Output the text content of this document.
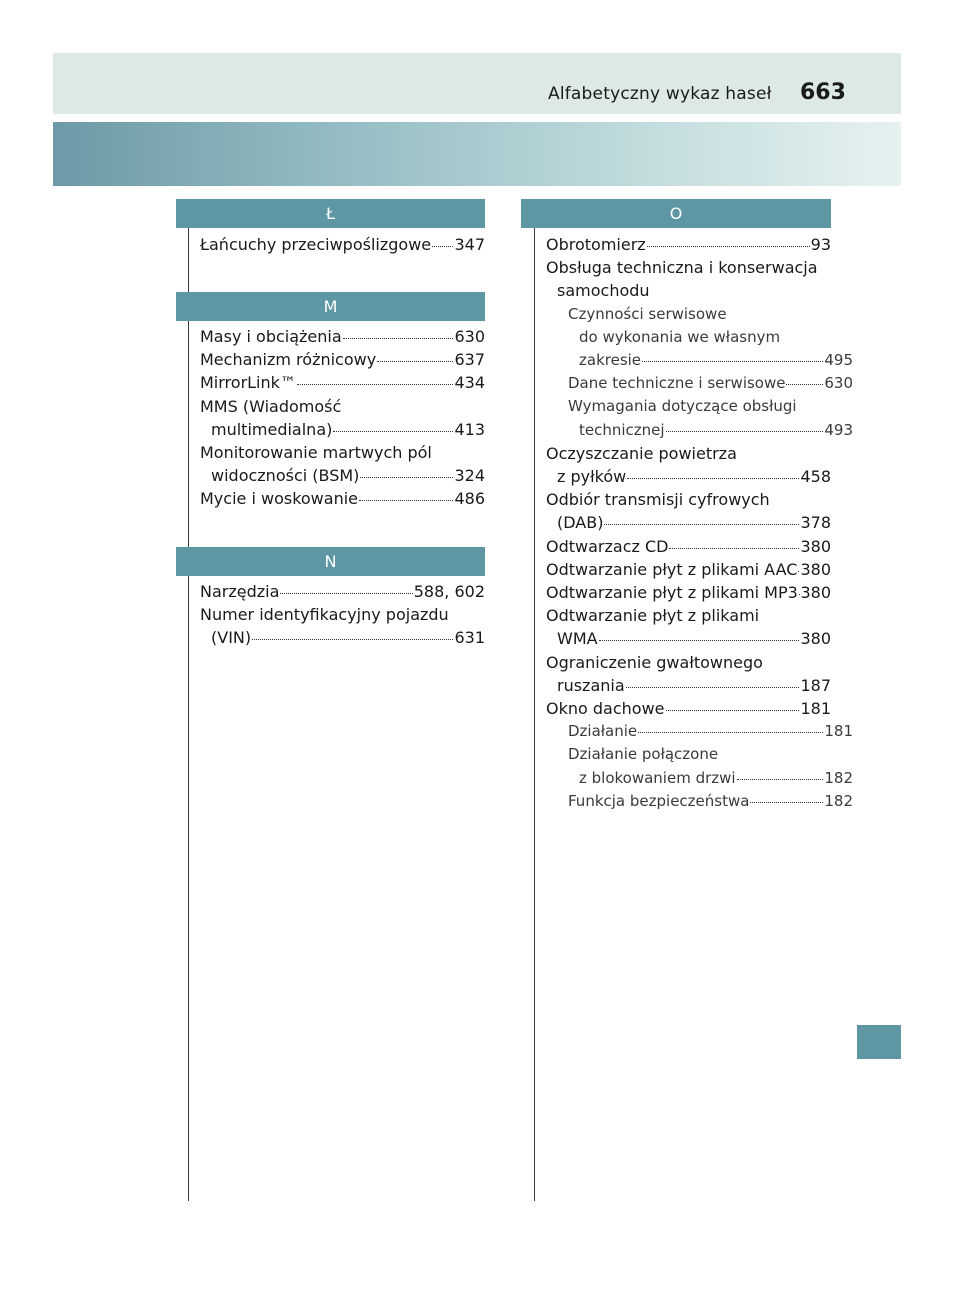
Alfabetyczny wykaz haseł 663
Ł
Łańcuchy przeciwpoślizgowe 347
M
Masy i obciążenia	630
Mechanizm różnicowy	637
MirrorLink™	434
MMS (Wiadomość
multimedialna)	413
Monitorowanie martwych pól
widoczności (BSM)	324
Mycie i woskowanie	486
N
Narzędzia	588, 602
Numer identyfikacyjny pojazdu
(VIN)	631
O
Obrotomierz	93
Obsługa techniczna i konserwacja
samochodu
Czynności serwisowe
do wykonania we własnym
zakresie	495
Dane techniczne i serwisowe	630
Wymagania dotyczące obsługi
technicznej	493
Oczyszczanie powietrza
z pyłków	458
Odbiór transmisji cyfrowych
(DAB)	378
Odtwarzacz CD	380
Odtwarzanie płyt z plikami AAC 380
Odtwarzanie płyt z plikami MP3 380
Odtwarzanie płyt z plikami
WMA	380
Ograniczenie gwałtownego
ruszania	187
Okno dachowe	181
Działanie	181
Działanie połączone
z blokowaniem drzwi	182
Funkcja bezpieczeństwa	182
